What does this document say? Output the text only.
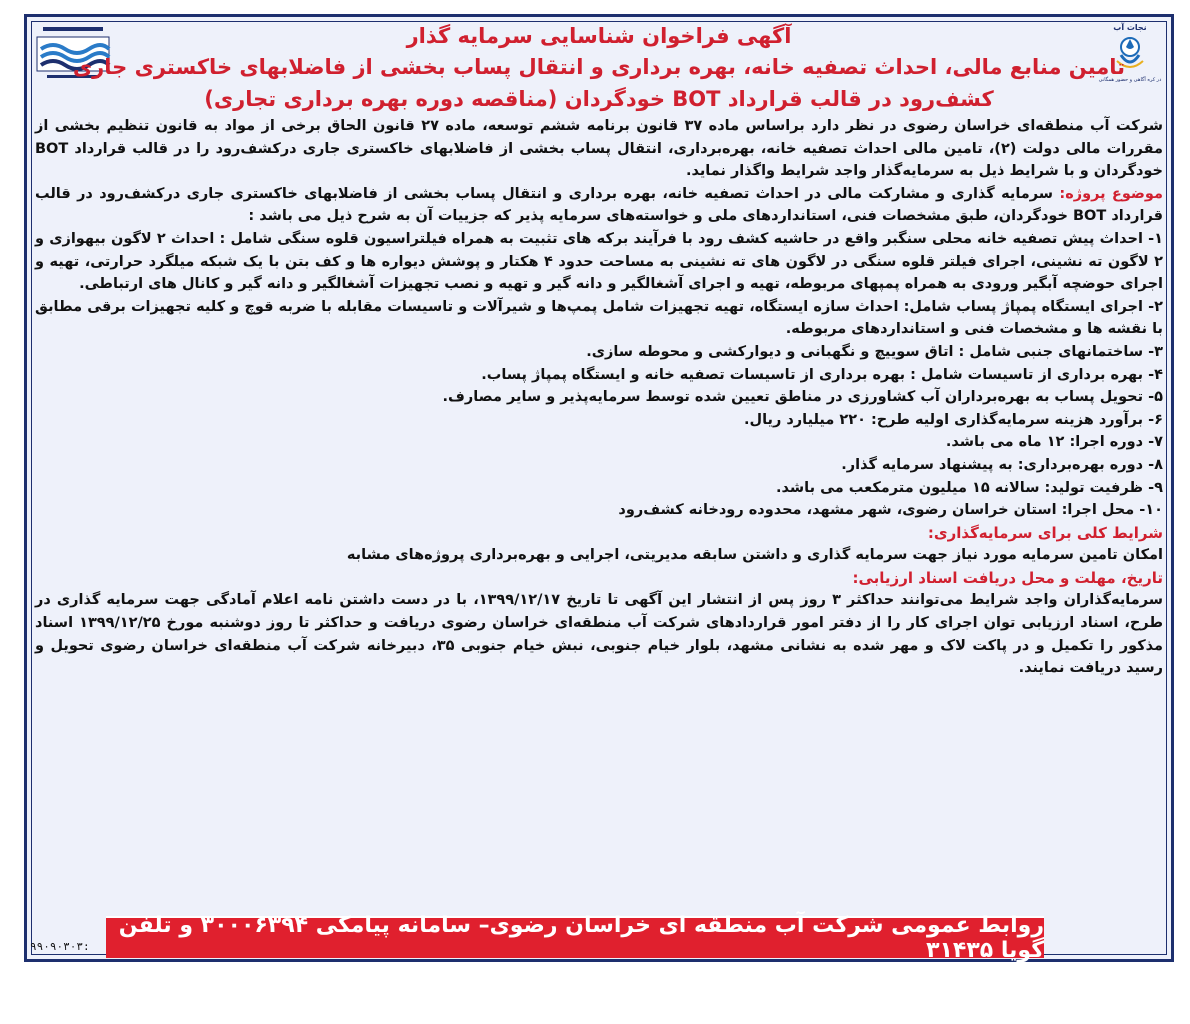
نجات آب
در کره آگاهی و حضور همگانی
آگهی فراخوان شناسایی سرمایه گذار
تامین منابع مالی، احداث تصفیه خانه، بهره برداری و انتقال پساب بخشی از فاضلابهای خاکستری جاری
کشف‌رود در قالب قرارداد BOT خودگردان (مناقصه دوره بهره برداری تجاری)

شرکت آب منطقه‌ای خراسان رضوی در نظر دارد براساس ماده ۳۷ قانون برنامه ششم توسعه، ماده ۲۷ قانون الحاق برخی از مواد به قانون تنظیم بخشی از مقررات مالی دولت (۲)، تامین مالی احداث تصفیه خانه، بهره‌برداری، انتقال پساب بخشی از فاضلابهای خاکستری جاری درکشف‌رود را در قالب قرارداد BOT خودگردان و با شرایط ذیل به سرمایه‌گذار واجد شرایط واگذار نماید.

موضوع پروژه: سرمایه گذاری و مشارکت مالی در احداث تصفیه خانه، بهره برداری و انتقال پساب بخشی از فاضلابهای خاکستری جاری درکشف‌رود در قالب قرارداد BOT خودگردان، طبق مشخصات فنی، استانداردهای ملی و خواسته‌های سرمایه پذیر که جزییات آن به شرح ذیل می باشد :

۱- احداث پیش تصفیه خانه محلی سنگبر واقع در حاشیه کشف رود با فرآیند برکه های تثبیت به همراه فیلتراسیون قلوه سنگی شامل : احداث ۲ لاگون بیهوازی و ۲ لاگون ته نشینی، اجرای فیلتر قلوه سنگی در لاگون های ته نشینی به مساحت حدود ۴ هکتار و پوشش دیواره ها و کف بتن با یک شبکه میلگرد حرارتی، تهیه و اجرای حوضچه آبگیر ورودی به همراه پمپهای مربوطه، تهیه و اجرای آشغالگیر و دانه گیر و تهیه و نصب تجهیزات آشغالگیر و دانه گیر و کانال های ارتباطی.

۲- اجرای ایستگاه پمپاژ پساب شامل: احداث سازه ایستگاه، تهیه تجهیزات شامل پمپ‌ها و شیرآلات و تاسیسات مقابله با ضربه قوچ و کلیه تجهیزات برقی مطابق با نقشه ها و مشخصات فنی و استانداردهای مربوطه.

۳- ساختمانهای جنبی شامل : اتاق سوییچ و نگهبانی و دیوارکشی و محوطه سازی.

۴- بهره برداری از تاسیسات شامل : بهره برداری از تاسیسات تصفیه خانه و ایستگاه پمپاژ پساب.

۵- تحویل پساب به بهره‌برداران آب کشاورزی در مناطق تعیین شده توسط سرمایه‌پذیر و سایر مصارف.

۶- برآورد هزینه سرمایه‌گذاری اولیه طرح: ۲۲۰ میلیارد ریال.

۷- دوره اجرا: ۱۲ ماه می باشد.

۸- دوره بهره‌برداری: به پیشنهاد سرمایه گذار.

۹- ظرفیت تولید: سالانه ۱۵ میلیون مترمکعب می باشد.

۱۰- محل اجرا: استان خراسان رضوی، شهر مشهد، محدوده رودخانه کشف‌رود

شرایط کلی برای سرمایه‌گذاری:

امکان تامین سرمایه مورد نیاز جهت سرمایه گذاری و داشتن سابقه مدیریتی، اجرایی و بهره‌برداری پروژه‌های مشابه

تاریخ، مهلت و محل دریافت اسناد ارزیابی:

سرمایه‌گذاران واجد شرایط می‌توانند حداکثر ۳ روز پس از انتشار این آگهی تا تاریخ ۱۳۹۹/۱۲/۱۷، با در دست داشتن نامه اعلام آمادگی جهت سرمایه گذاری در طرح، اسناد ارزیابی توان اجرای کار را از دفتر امور قراردادهای شرکت آب منطقه‌ای خراسان رضوی دریافت و حداکثر تا روز دوشنبه مورخ ۱۳۹۹/۱۲/۲۵ اسناد مذکور را تکمیل و در پاکت لاک و مهر شده به نشانی مشهد، بلوار خیام جنوبی، نبش خیام جنوبی ۳۵، دبیرخانه شرکت آب منطقه‌ای خراسان رضوی تحویل و رسید دریافت نمایند.

روابط عمومی شرکت آب منطقه ای خراسان رضوی– سامانه پیامکی ۳۰۰۰۶۳۹۴ و تلفن گویا ۳۱۴۳۵
۹۹۰۹۰۳۰۳:
